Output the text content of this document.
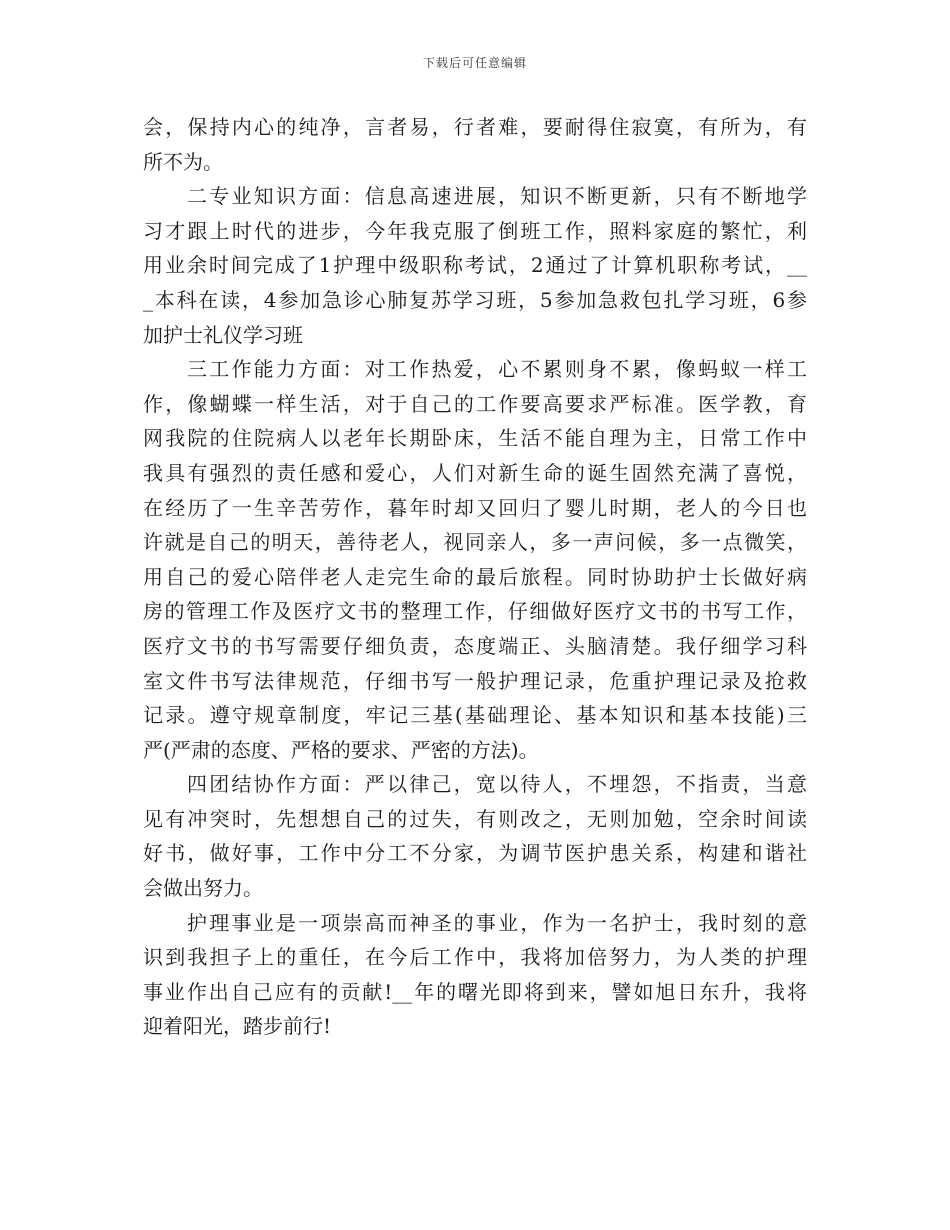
下载后可任意编辑
会，保持内心的纯净，言者易，行者难，要耐得住寂寞，有所为，有
所不为。
二专业知识方面：信息高速进展，知识不断更新，只有不断地学
习才跟上时代的进步，今年我克服了倒班工作，照料家庭的繁忙，利
用业余时间完成了1护理中级职称考试，2通过了计算机职称考试，__
_本科在读，4参加急诊心肺复苏学习班，5参加急救包扎学习班，6参
加护士礼仪学习班
三工作能力方面：对工作热爱，心不累则身不累，像蚂蚁一样工
作，像蝴蝶一样生活，对于自己的工作要高要求严标准。医学教，育
网我院的住院病人以老年长期卧床，生活不能自理为主，日常工作中
我具有强烈的责任感和爱心，人们对新生命的诞生固然充满了喜悦，
在经历了一生辛苦劳作，暮年时却又回归了婴儿时期，老人的今日也
许就是自己的明天，善待老人，视同亲人，多一声问候，多一点微笑，
用自己的爱心陪伴老人走完生命的最后旅程。同时协助护士长做好病
房的管理工作及医疗文书的整理工作，仔细做好医疗文书的书写工作，
医疗文书的书写需要仔细负责，态度端正、头脑清楚。我仔细学习科
室文件书写法律规范，仔细书写一般护理记录，危重护理记录及抢救
记录。遵守规章制度，牢记三基(基础理论、基本知识和基本技能)三
严(严肃的态度、严格的要求、严密的方法)。
四团结协作方面：严以律己，宽以待人，不埋怨，不指责，当意
见有冲突时，先想想自己的过失，有则改之，无则加勉，空余时间读
好书，做好事，工作中分工不分家，为调节医护患关系，构建和谐社
会做出努力。
护理事业是一项崇高而神圣的事业，作为一名护士，我时刻的意
识到我担子上的重任，在今后工作中，我将加倍努力，为人类的护理
事业作出自己应有的贡献!__年的曙光即将到来，譬如旭日东升，我将
迎着阳光，踏步前行!
